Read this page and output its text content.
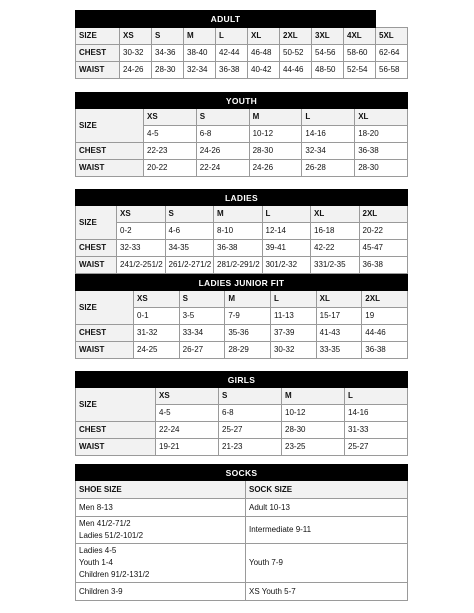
ADULT									
SIZE	XS	S	M	L	XL	2XL	3XL	4XL	5XL
CHEST	30-32	34-36	38-40	42-44	46-48	50-52	54-56	58-60	62-64
WAIST	24-26	28-30	32-34	36-38	40-42	44-46	48-50	52-54	56-58
YOUTH					
SIZE	XS	S	M	L	XL
	4-5	6-8	10-12	14-16	18-20
CHEST	22-23	24-26	28-30	32-34	36-38
WAIST	20-22	22-24	24-26	26-28	28-30
LADIES						
SIZE	XS	S	M	L	XL	2XL
	0-2	4-6	8-10	12-14	16-18	20-22
CHEST	32-33	34-35	36-38	39-41	42-22	45-47
WAIST	241/2-251/2	261/2-271/2	281/2-291/2	301/2-32	331/2-35	36-38
LADIES JUNIOR FIT						
SIZE	XS	S	M	L	XL	2XL
	0-1	3-5	7-9	11-13	15-17	19
CHEST	31-32	33-34	35-36	37-39	41-43	44-46
WAIST	24-25	26-27	28-29	30-32	33-35	36-38
GIRLS				
SIZE	XS	S	M	L
	4-5	6-8	10-12	14-16
CHEST	22-24	25-27	28-30	31-33
WAIST	19-21	21-23	23-25	25-27
SOCKS	
SHOE SIZE	SOCK SIZE

Men 8-13	Adult 10-13

Men 41/2-71/2
Ladies 51/2-101/2	Intermediate 9-11

Ladies 4-5
Youth 1-4
Children 91/2-131/2	Youth 7-9

Children 3-9	XS Youth 5-7
